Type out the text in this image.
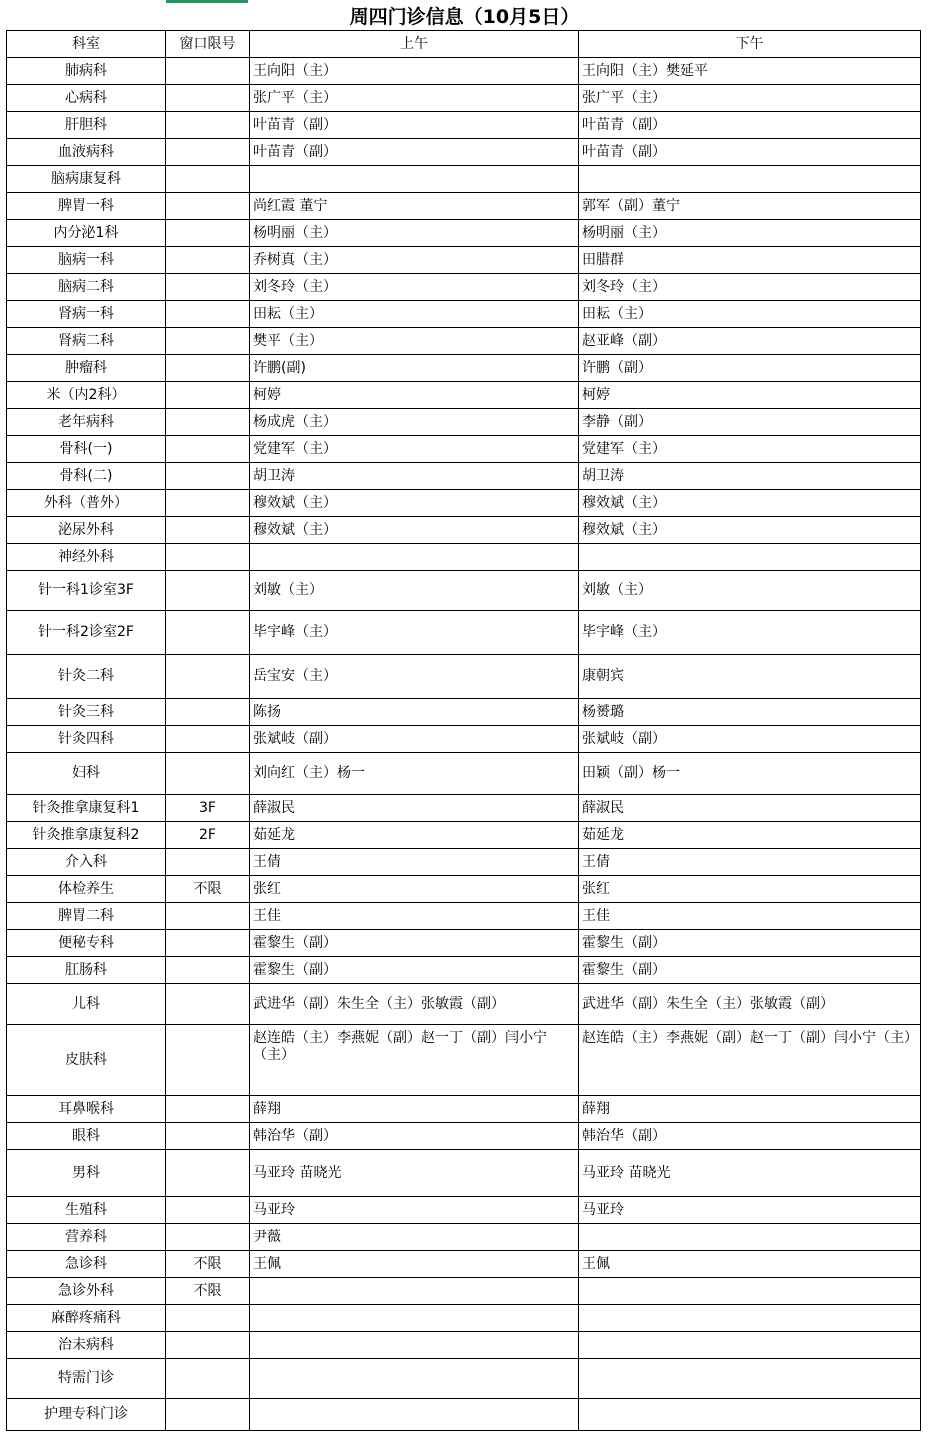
周四门诊信息（10月5日）
科室	窗口限号	上午	下午
肺病科		王向阳（主）	王向阳（主）樊延平
心病科		张广平（主）	张广平（主）
肝胆科		叶苗青（副）	叶苗青（副）
血液病科		叶苗青（副）	叶苗青（副）
脑病康复科			
脾胃一科		尚红霞 董宁	郭军（副）董宁
内分泌1科		杨明丽（主）	杨明丽（主）
脑病一科		乔树真（主）	田腊群
脑病二科		刘冬玲（主）	刘冬玲（主）
肾病一科		田耘（主）	田耘（主）
肾病二科		樊平（主）	赵亚峰（副）
肿瘤科		许鹏(副)	许鹏（副）
米（内2科）		柯婷	柯婷
老年病科		杨成虎（主）	李静（副）
骨科(一)		党建军（主）	党建军（主）
骨科(二)		胡卫涛	胡卫涛
外科（普外）		穆效斌（主）	穆效斌（主）
泌尿外科		穆效斌（主）	穆效斌（主）
神经外科			
针一科1诊室3F		刘敏（主）	刘敏（主）
针一科2诊室2F		毕宇峰（主）	毕宇峰（主）
针灸二科		岳宝安（主）	康朝宾
针灸三科		陈扬	杨赟璐
针灸四科		张斌岐（副）	张斌岐（副）
妇科		刘向红（主）杨一	田颖（副）杨一
针灸推拿康复科1	3F	薛淑民	薛淑民
针灸推拿康复科2	2F	茹延龙	茹延龙
介入科		王倩	王倩
体检养生	不限	张红	张红
脾胃二科		王佳	王佳
便秘专科		霍黎生（副）	霍黎生（副）
肛肠科		霍黎生（副）	霍黎生（副）
儿科		武进华（副）朱生全（主）张敏霞（副）	武进华（副）朱生全（主）张敏霞（副）
皮肤科		赵连皓（主）李燕妮（副）赵一丁（副）闫小宁（主）	赵连皓（主）李燕妮（副）赵一丁（副）闫小宁（主）
耳鼻喉科		薛翔	薛翔
眼科		韩治华（副）	韩治华（副）
男科		马亚玲 苗晓光	马亚玲 苗晓光
生殖科		马亚玲	马亚玲
营养科		尹薇	
急诊科	不限	王佩	王佩
急诊外科	不限		
麻醉疼痛科			
治未病科			
特需门诊			
护理专科门诊			
